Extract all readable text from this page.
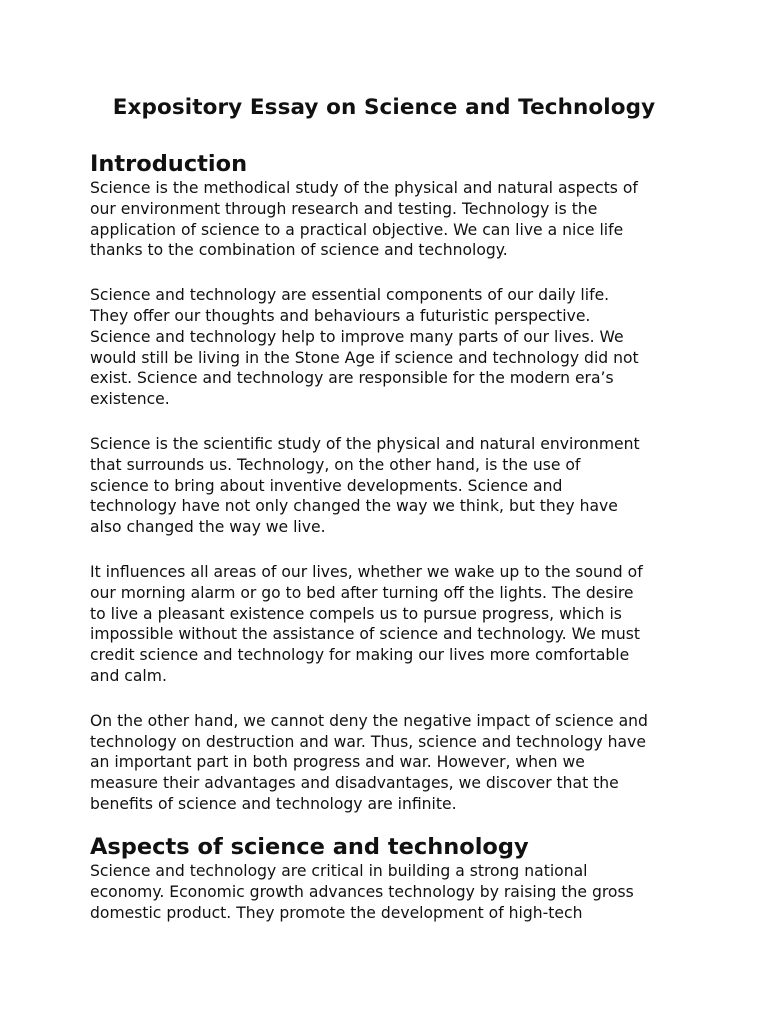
Expository Essay on Science and Technology
Introduction

Science is the methodical study of the physical and natural aspects of
our environment through research and testing. Technology is the
application of science to a practical objective. We can live a nice life
thanks to the combination of science and technology.

Science and technology are essential components of our daily life.
They offer our thoughts and behaviours a futuristic perspective.
Science and technology help to improve many parts of our lives. We
would still be living in the Stone Age if science and technology did not
exist. Science and technology are responsible for the modern era’s
existence.

Science is the scientific study of the physical and natural environment
that surrounds us. Technology, on the other hand, is the use of
science to bring about inventive developments. Science and
technology have not only changed the way we think, but they have
also changed the way we live.

It influences all areas of our lives, whether we wake up to the sound of
our morning alarm or go to bed after turning off the lights. The desire
to live a pleasant existence compels us to pursue progress, which is
impossible without the assistance of science and technology. We must
credit science and technology for making our lives more comfortable
and calm.

On the other hand, we cannot deny the negative impact of science and
technology on destruction and war. Thus, science and technology have
an important part in both progress and war. However, when we
measure their advantages and disadvantages, we discover that the
benefits of science and technology are infinite.

Aspects of science and technology

Science and technology are critical in building a strong national
economy. Economic growth advances technology by raising the gross
domestic product. They promote the development of high-tech
